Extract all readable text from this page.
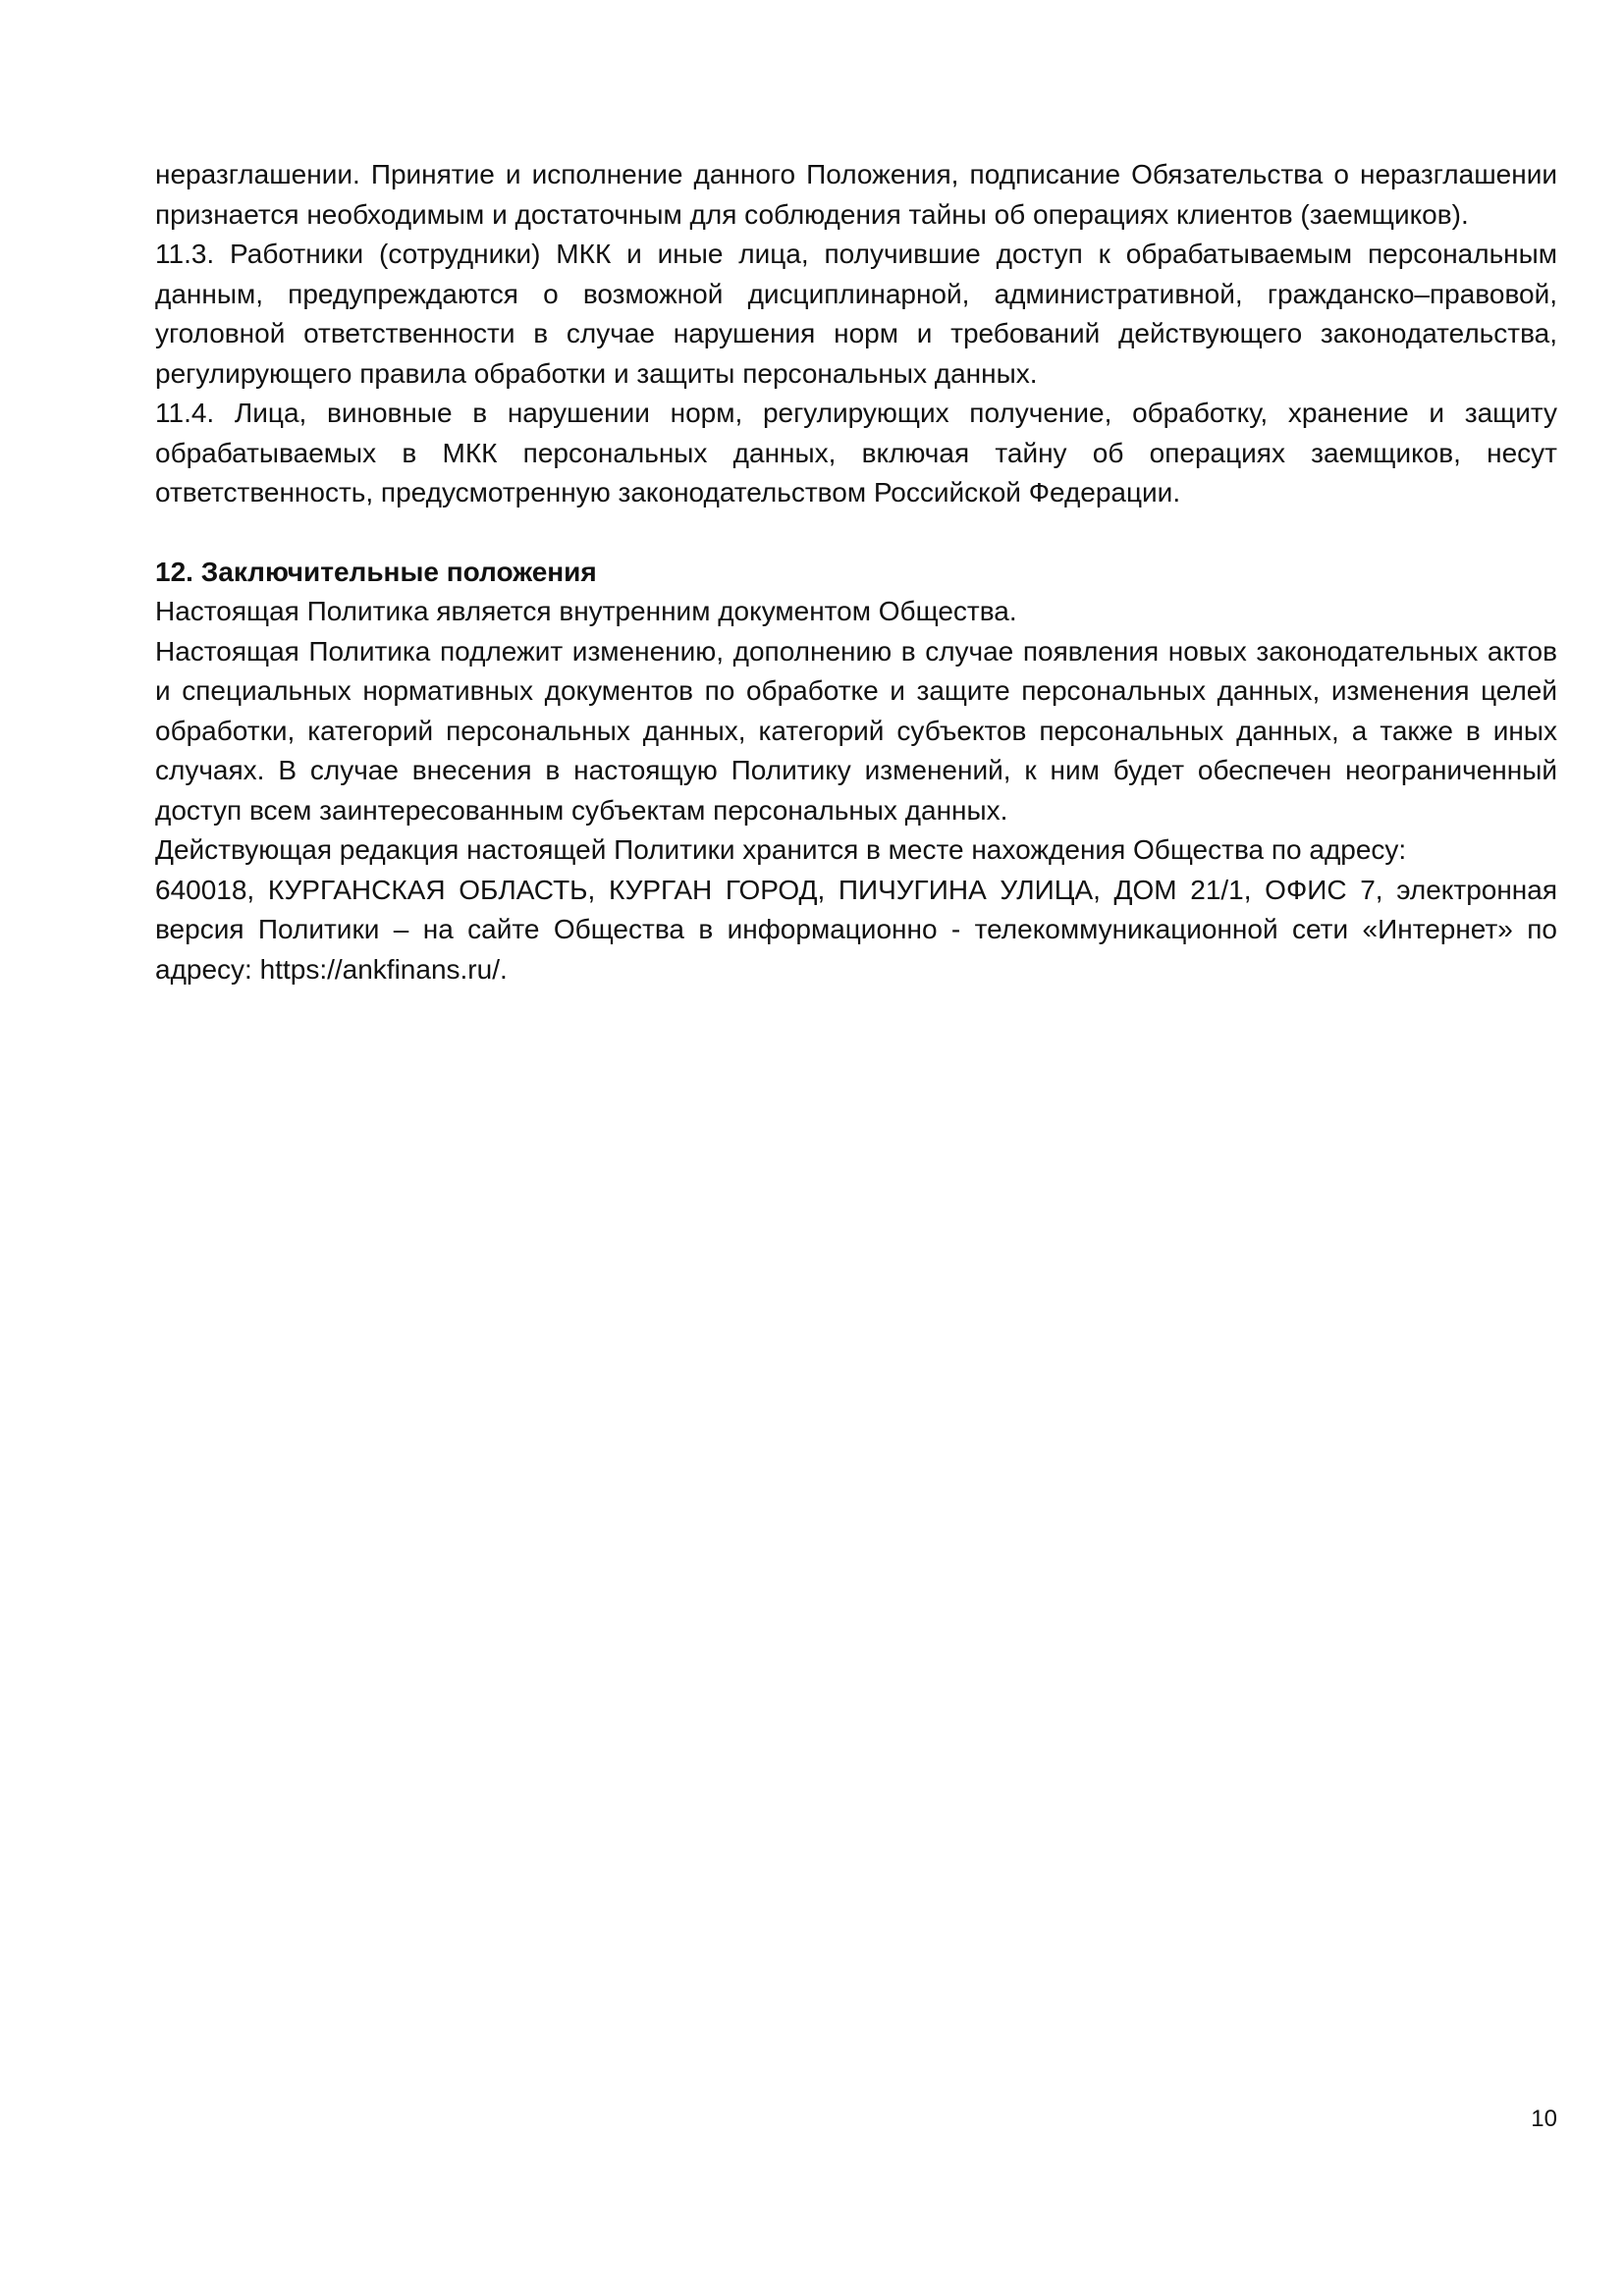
неразглашении. Принятие и исполнение данного Положения, подписание Обязательства о неразглашении признается необходимым и достаточным для соблюдения тайны об операциях клиентов (заемщиков).

11.3. Работники (сотрудники) МКК и иные лица, получившие доступ к обрабатываемым персональным данным, предупреждаются о возможной дисциплинарной, административной, гражданско–правовой, уголовной ответственности в случае нарушения норм и требований действующего законодательства, регулирующего правила обработки и защиты персональных данных.

11.4. Лица, виновные в нарушении норм, регулирующих получение, обработку, хранение и защиту обрабатываемых в МКК персональных данных, включая тайну об операциях заемщиков, несут ответственность, предусмотренную законодательством Российской Федерации.

12. Заключительные положения

Настоящая Политика является внутренним документом Общества.

Настоящая Политика подлежит изменению, дополнению в случае появления новых законодательных актов и специальных нормативных документов по обработке и защите персональных данных, изменения целей обработки, категорий персональных данных, категорий субъектов персональных данных, а также в иных случаях. В случае внесения в настоящую Политику изменений, к ним будет обеспечен неограниченный доступ всем заинтересованным субъектам персональных данных.

Действующая редакция настоящей Политики хранится в месте нахождения Общества по адресу:

640018, КУРГАНСКАЯ ОБЛАСТЬ, КУРГАН ГОРОД, ПИЧУГИНА УЛИЦА, ДОМ 21/1, ОФИС 7, электронная версия Политики – на сайте Общества в информационно - телекоммуникационной сети «Интернет» по адресу: https://ankfinans.ru/.

10
